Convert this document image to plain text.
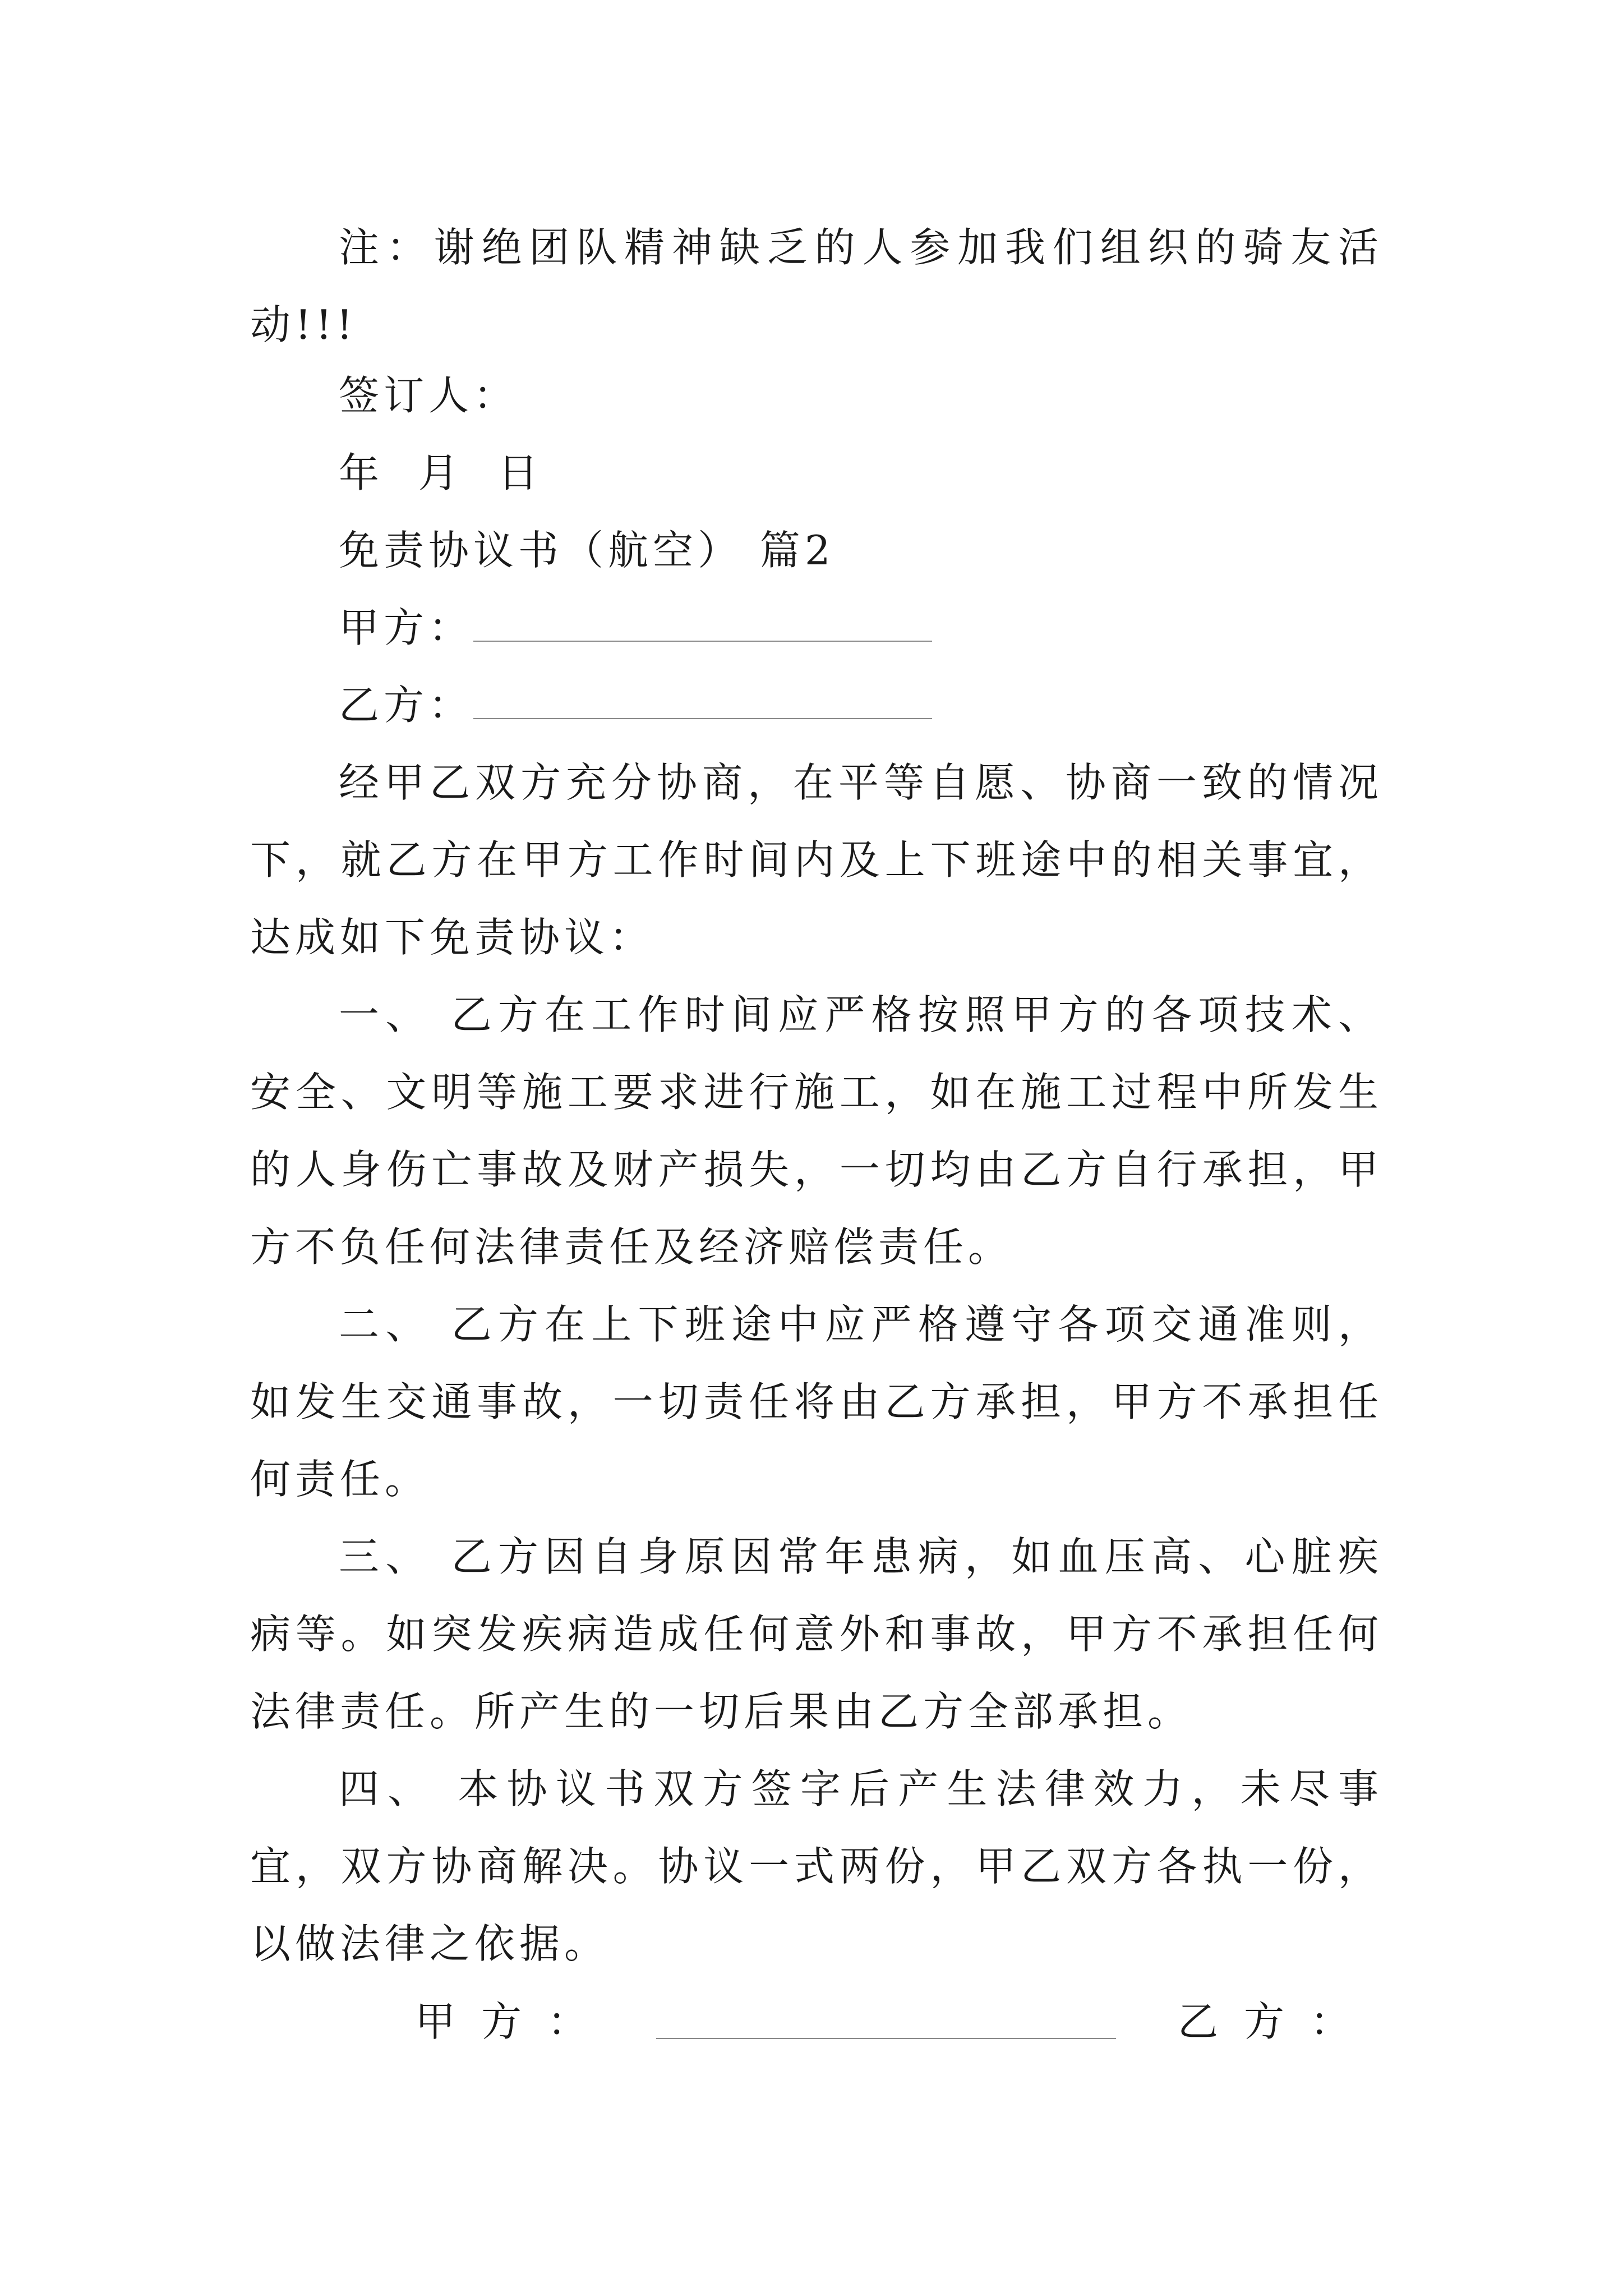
注：谢绝团队精神缺乏的人参加我们组织的骑友活动!!!
签订人：
年  月  日
免责协议书（航空） 篇2
甲方：
乙方：
经甲乙双方充分协商，在平等自愿、协商一致的情况下，就乙方在甲方工作时间内及上下班途中的相关事宜，达成如下免责协议：
一、 乙方在工作时间应严格按照甲方的各项技术、安全、文明等施工要求进行施工，如在施工过程中所发生的人身伤亡事故及财产损失，一切均由乙方自行承担，甲方不负任何法律责任及经济赔偿责任。
二、 乙方在上下班途中应严格遵守各项交通准则，如发生交通事故，一切责任将由乙方承担，甲方不承担任何责任。
三、 乙方因自身原因常年患病，如血压高、心脏疾病等。如突发疾病造成任何意外和事故，甲方不承担任何法律责任。所产生的一切后果由乙方全部承担。
四、 本协议书双方签字后产生法律效力，未尽事宜，双方协商解决。协议一式两份，甲乙双方各执一份，以做法律之依据。
甲方：	乙方：
